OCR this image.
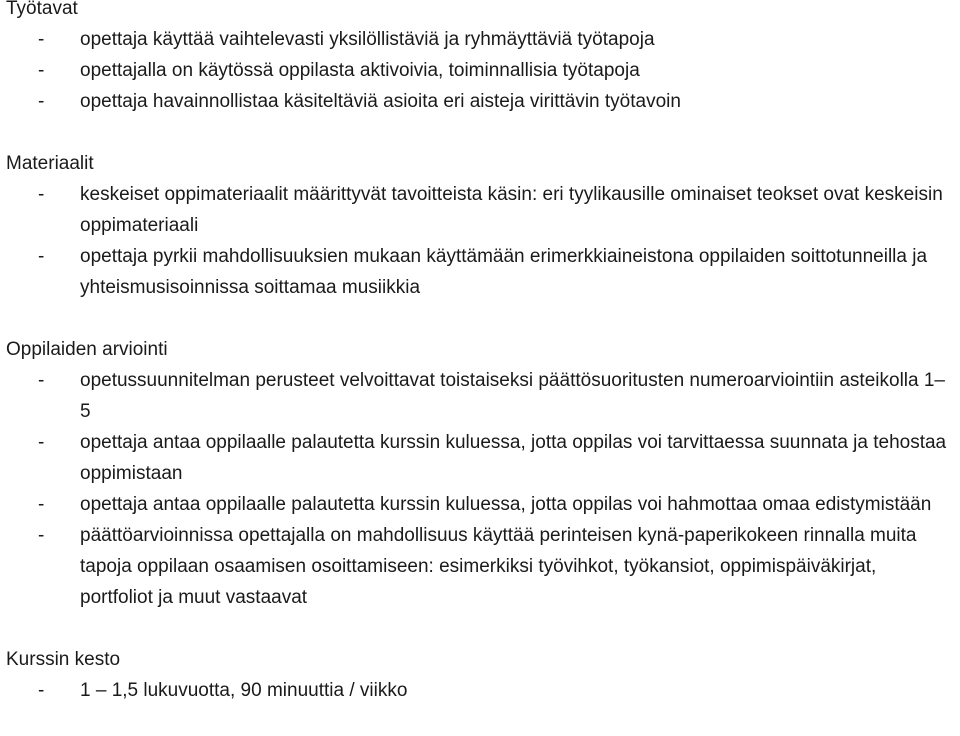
Työtavat
- opettaja käyttää vaihtelevasti yksilöllistäviä ja ryhmäyttäviä työtapoja
- opettajalla on käytössä oppilasta aktivoivia, toiminnallisia työtapoja
- opettaja havainnollistaa käsiteltäviä asioita eri aisteja virittävin työtavoin
Materiaalit
- keskeiset oppimateriaalit määrittyvät tavoitteista käsin: eri tyylikausille ominaiset teokset ovat keskeisin oppimateriaali
- opettaja pyrkii mahdollisuuksien mukaan käyttämään erimerkkiaineistona oppilaiden soittotunneilla ja yhteismusisoinnissa soittamaa musiikkia
Oppilaiden arviointi
- opetussuunnitelman perusteet velvoittavat toistaiseksi päättösuoritusten numeroarviointiin asteikolla 1–5
- opettaja antaa oppilaalle palautetta kurssin kuluessa, jotta oppilas voi tarvittaessa suunnata ja tehostaa oppimistaan
- opettaja antaa oppilaalle palautetta kurssin kuluessa, jotta oppilas voi hahmottaa omaa edistymistään
- päättöarvioinnissa opettajalla on mahdollisuus käyttää perinteisen kynä-paperikokeen rinnalla muita tapoja oppilaan osaamisen osoittamiseen: esimerkiksi työvihkot, työkansiot, oppimispäiväkirjat, portfoliot ja muut vastaavat
Kurssin kesto
- 1 – 1,5 lukuvuotta, 90 minuuttia / viikko
